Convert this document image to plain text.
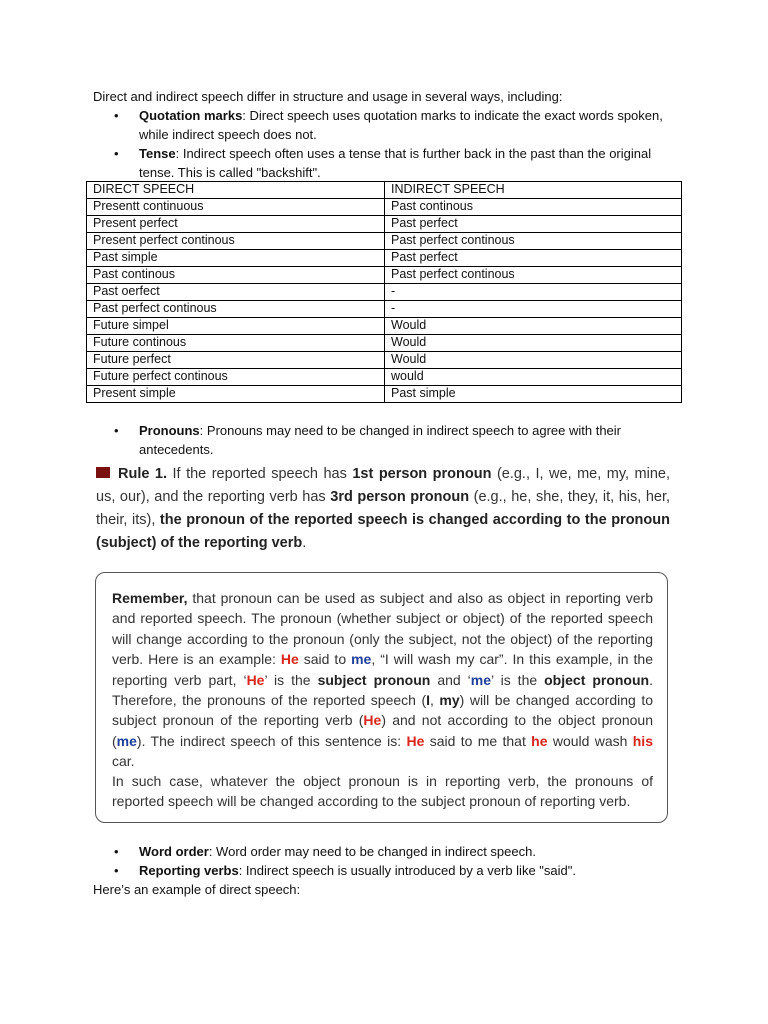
Direct and indirect speech differ in structure and usage in several ways, including:

• Quotation marks: Direct speech uses quotation marks to indicate the exact words spoken, while indirect speech does not.
• Tense: Indirect speech often uses a tense that is further back in the past than the original tense. This is called "backshift".
DIRECT SPEECH	INDIRECT SPEECH
Presentt continuous	Past continous
Present perfect	Past perfect
Present perfect continous	Past perfect continous
Past simple	Past perfect
Past continous	Past perfect continous
Past oerfect	-
Past perfect continous	-
Future simpel	Would
Future continous	Would
Future perfect	Would
Future perfect continous	would
Present simple	Past simple
• Pronouns: Pronouns may need to be changed in indirect speech to agree with their antecedents.

Rule 1. If the reported speech has 1st person pronoun (e.g., I, we, me, my, mine, us, our), and the reporting verb has 3rd person pronoun (e.g., he, she, they, it, his, her, their, its), the pronoun of the reported speech is changed according to the pronoun (subject) of the reporting verb.

Remember, that pronoun can be used as subject and also as object in reporting verb and reported speech. The pronoun (whether subject or object) of the reported speech will change according to the pronoun (only the subject, not the object) of the reporting verb. Here is an example: He said to me, “I will wash my car”. In this example, in the reporting verb part, ‘He’ is the subject pronoun and ‘me’ is the object pronoun. Therefore, the pronouns of the reported speech (I, my) will be changed according to subject pronoun of the reporting verb (He) and not according to the object pronoun (me). The indirect speech of this sentence is: He said to me that he would wash his car.

In such case, whatever the object pronoun is in reporting verb, the pronouns of reported speech will be changed according to the subject pronoun of reporting verb.

• Word order: Word order may need to be changed in indirect speech.
• Reporting verbs: Indirect speech is usually introduced by a verb like "said".

Here’s an example of direct speech:
